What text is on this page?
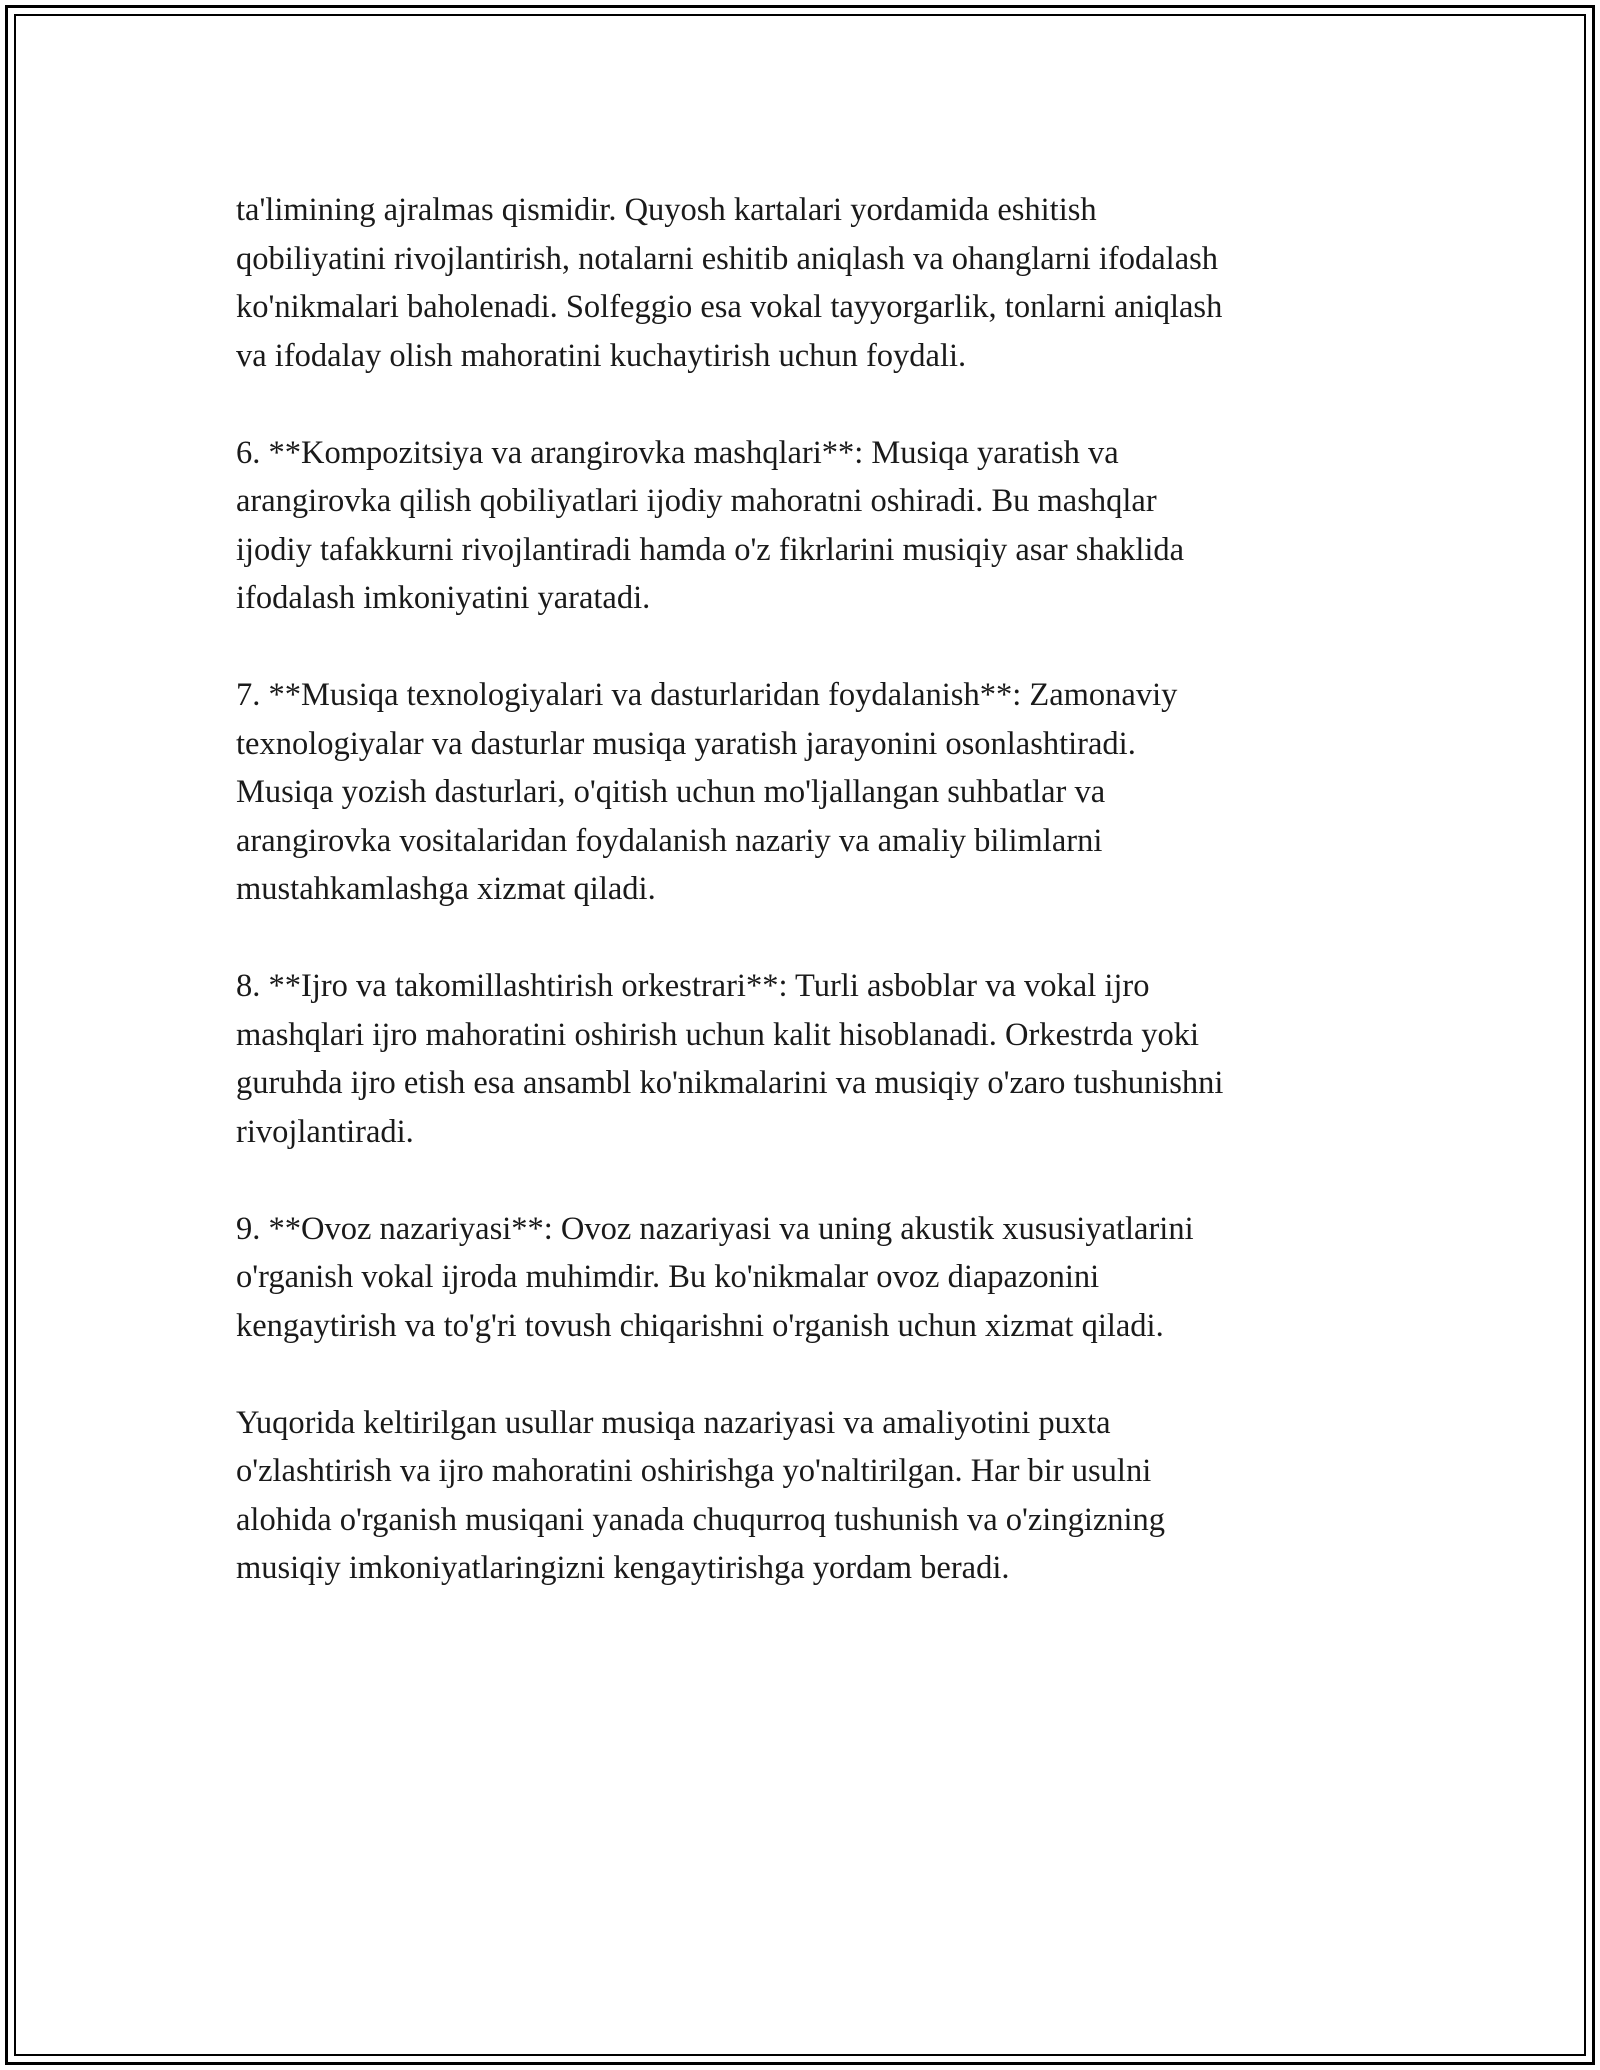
ta'limining ajralmas qismidir. Quyosh kartalari yordamida eshitish
qobiliyatini rivojlantirish, notalarni eshitib aniqlash va ohanglarni ifodalash
ko'nikmalari baholenadi. Solfeggio esa vokal tayyorgarlik, tonlarni aniqlash
va ifodalay olish mahoratini kuchaytirish uchun foydali.

6. **Kompozitsiya va arangirovka mashqlari**: Musiqa yaratish va
arangirovka qilish qobiliyatlari ijodiy mahoratni oshiradi. Bu mashqlar
ijodiy tafakkurni rivojlantiradi hamda o'z fikrlarini musiqiy asar shaklida
ifodalash imkoniyatini yaratadi.

7. **Musiqa texnologiyalari va dasturlaridan foydalanish**: Zamonaviy
texnologiyalar va dasturlar musiqa yaratish jarayonini osonlashtiradi.
Musiqa yozish dasturlari, o'qitish uchun mo'ljallangan suhbatlar va
arangirovka vositalaridan foydalanish nazariy va amaliy bilimlarni
mustahkamlashga xizmat qiladi.

8. **Ijro va takomillashtirish orkestrari**: Turli asboblar va vokal ijro
mashqlari ijro mahoratini oshirish uchun kalit hisoblanadi. Orkestrda yoki
guruhda ijro etish esa ansambl ko'nikmalarini va musiqiy o'zaro tushunishni
rivojlantiradi.

9. **Ovoz nazariyasi**: Ovoz nazariyasi va uning akustik xususiyatlarini
o'rganish vokal ijroda muhimdir. Bu ko'nikmalar ovoz diapazonini
kengaytirish va to'g'ri tovush chiqarishni o'rganish uchun xizmat qiladi.

Yuqorida keltirilgan usullar musiqa nazariyasi va amaliyotini puxta
o'zlashtirish va ijro mahoratini oshirishga yo'naltirilgan. Har bir usulni
alohida o'rganish musiqani yanada chuqurroq tushunish va o'zingizning
musiqiy imkoniyatlaringizni kengaytirishga yordam beradi.
